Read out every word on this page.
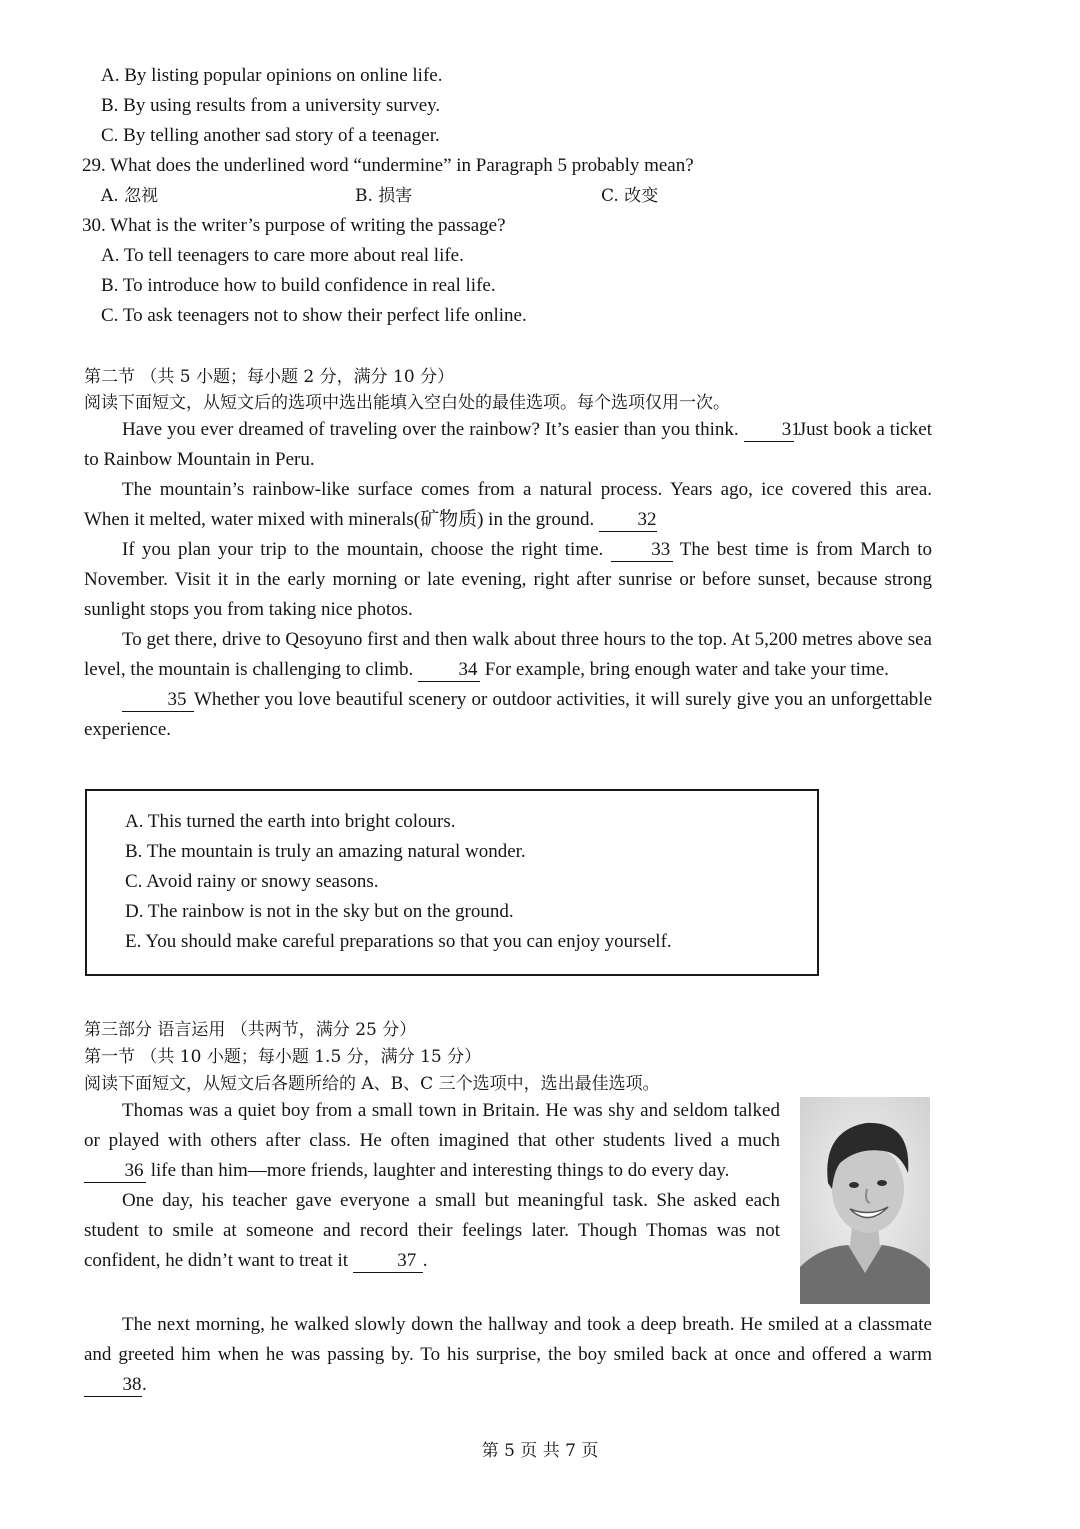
A. By listing popular opinions on online life.
B. By using results from a university survey.
C. By telling another sad story of a teenager.
29. What does the underlined word “undermine” in Paragraph 5 probably mean?
A. 忽视	B. 损害	C. 改变
30. What is the writer’s purpose of writing the passage?
A. To tell teenagers to care more about real life.
B. To introduce how to build confidence in real life.
C. To ask teenagers not to show their perfect life online.
第二节 （共 5 小题；每小题 2 分，满分 10 分）
阅读下面短文，从短文后的选项中选出能填入空白处的最佳选项。每个选项仅用一次。

Have you ever dreamed of traveling over the rainbow? It’s easier than you think. 31 Just book a ticket to Rainbow Mountain in Peru.

The mountain’s rainbow-like surface comes from a natural process. Years ago, ice covered this area. When it melted, water mixed with minerals(矿物质) in the ground. 32

If you plan your trip to the mountain, choose the right time.	33 The best time is from March to November. Visit it in the early morning or late evening, right after sunrise or before sunset, because strong sunlight stops you from taking nice photos.

To get there, drive to Qesoyuno first and then walk about three hours to the top. At 5,200 metres above sea level, the mountain is challenging to climb. 34 For example, bring enough water and take your time.

35 Whether you love beautiful scenery or outdoor activities, it will surely give you an unforgettable experience.

A. This turned the earth into bright colours.
B. The mountain is truly an amazing natural wonder.
C. Avoid rainy or snowy seasons.
D. The rainbow is not in the sky but on the ground.
E. You should make careful preparations so that you can enjoy yourself.
第三部分 语言运用 （共两节，满分 25 分）
第一节 （共 10 小题；每小题 1.5 分，满分 15 分）
阅读下面短文，从短文后各题所给的 A、B、C 三个选项中，选出最佳选项。

Thomas was a quiet boy from a small town in Britain. He was shy and seldom talked or played with others after class. He often imagined that other students lived a much 36 life than him—more friends, laughter and interesting things to do every day.

One day, his teacher gave everyone a small but meaningful task. She asked each student to smile at someone and record their feelings later. Though Thomas was not confident, he didn’t want to treat it	37 .

The next morning, he walked slowly down the hallway and took a deep breath. He smiled at a classmate and greeted him when he was passing by. To his surprise, the boy smiled back at once and offered a warm 38.

第 5 页 共 7 页
